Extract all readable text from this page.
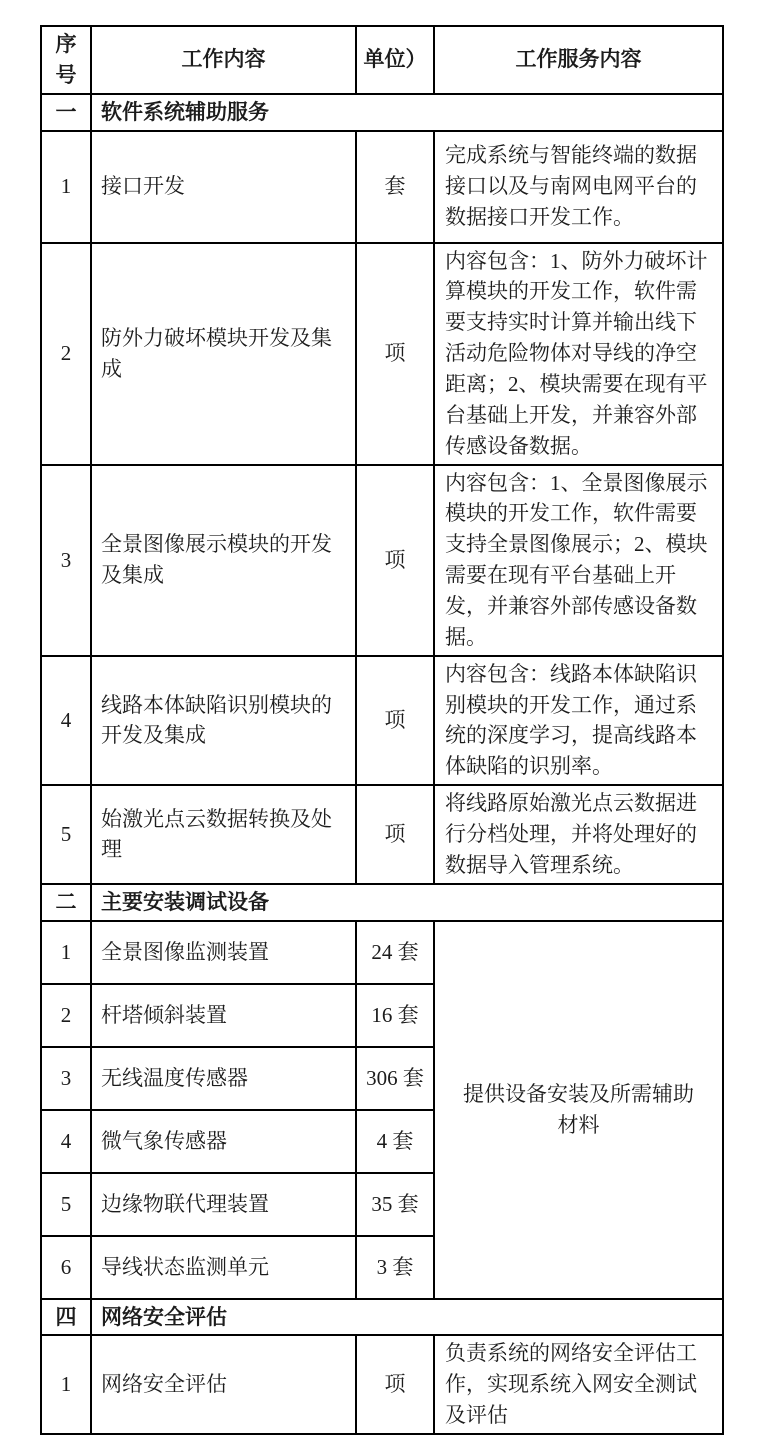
序号	工作内容	单位）	工作服务内容
一	软件系统辅助服务		
1	接口开发	套	完成系统与智能终端的数据接口以及与南网电网平台的数据接口开发工作。
2	防外力破坏模块开发及集成	项	内容包含：1、防外力破坏计算模块的开发工作，软件需要支持实时计算并输出线下活动危险物体对导线的净空距离；2、模块需要在现有平台基础上开发，并兼容外部传感设备数据。
3	全景图像展示模块的开发及集成	项	内容包含：1、全景图像展示模块的开发工作，软件需要支持全景图像展示；2、模块需要在现有平台基础上开发，并兼容外部传感设备数据。
4	线路本体缺陷识别模块的开发及集成	项	内容包含：线路本体缺陷识别模块的开发工作，通过系统的深度学习，提高线路本体缺陷的识别率。
5	始激光点云数据转换及处理	项	将线路原始激光点云数据进行分档处理，并将处理好的数据导入管理系统。
二	主要安装调试设备		
1	全景图像监测装置	24 套	提供设备安装及所需辅助材料
2	杆塔倾斜装置	16 套	
3	无线温度传感器	306 套	
4	微气象传感器	4 套	
5	边缘物联代理装置	35 套	
6	导线状态监测单元	3 套	
四	网络安全评估		
1	网络安全评估	项	负责系统的网络安全评估工作，实现系统入网安全测试及评估
